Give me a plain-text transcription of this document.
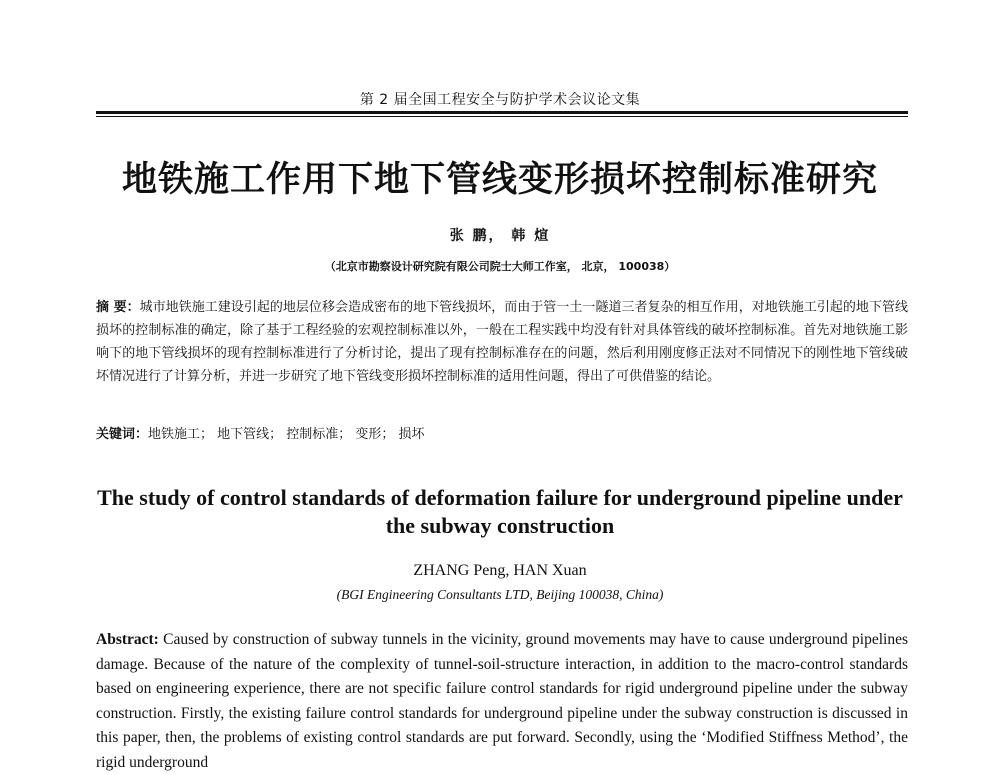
第 2 届全国工程安全与防护学术会议论文集
地铁施工作用下地下管线变形损坏控制标准研究
张 鹏， 韩 煊
（北京市勘察设计研究院有限公司院士大师工作室， 北京， 100038）

摘 要：城市地铁施工建设引起的地层位移会造成密布的地下管线损坏，而由于管一土一隧道三者复杂的相互作用，对地铁施工引起的地下管线损坏的控制标准的确定，除了基于工程经验的宏观控制标准以外，一般在工程实践中均没有针对具体管线的破坏控制标准。首先对地铁施工影响下的地下管线损坏的现有控制标准进行了分析讨论，提出了现有控制标准存在的问题，然后利用刚度修正法对不同情况下的刚性地下管线破坏情况进行了计算分析，并进一步研究了地下管线变形损坏控制标准的适用性问题，得出了可供借鉴的结论。

关键词：地铁施工； 地下管线； 控制标准； 变形； 损坏

The study of control standards of deformation failure for underground pipeline under the subway construction
ZHANG Peng, HAN Xuan
(BGI Engineering Consultants LTD, Beijing 100038, China)

Abstract: Caused by construction of subway tunnels in the vicinity, ground movements may have to cause underground pipelines damage. Because of the nature of the complexity of tunnel-soil-structure interaction, in addition to the macro-control standards based on engineering experience, there are not specific failure control standards for rigid underground pipeline under the subway construction. Firstly, the existing failure control standards for underground pipeline under the subway construction is discussed in this paper, then, the problems of existing control standards are put forward. Secondly, using the ‘Modified Stiffness Method’, the rigid underground
